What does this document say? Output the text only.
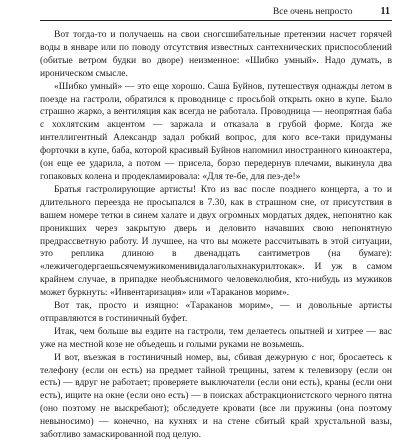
Все очень непросто	11

Вот тогда-то и получаешь на свои сногсшибательные претензии насчет горячей воды в январе или по поводу отсутствия известных сантехнических приспособлений (обитые ветром будки во дворе) неизменное: «Шибко умный». Надо думать, в ироническом смысле.

«Шибко умный» — это еще хорошо. Саша Буйнов, путешествуя однажды летом в поезде на гастроли, обратился к проводнице с просьбой открыть окно в купе. Было страшно жарко, а вентиляция как всегда не работала. Проводница — неопрятная баба с хохлятским акцентом — заржала и отказала в грубой форме. Когда же интеллигентный Александр задал робкий вопрос, для кого все-таки придуманы форточки в купе, баба, которой красивый Буйнов напомнил иностранного киноактера, (он еще ее ударила, а потом — присела, борзо передернув плечами, выкинула два гопаковых колена и продекламировала: «Для те-бе, для пез-де!»

Братья гастролирующие артисты! Кто из вас после позднего концерта, а то и длительного переезда не просыпался в 7.30, как в страшном сне, от присутствия в вашем номере тетки в синем халате и двух огромных мордатых дядек, непонятно как проникших через закрытую дверь и деловито начавших свою непонятную предрассветную работу. И лучшее, на что вы можете рассчитывать в этой ситуации, это реплика длиною в двенадцать сантиметров (на бумаге): «лежичегодергаешьсячемужикоменивидалаголыхнакурилтокак». И уж в самом крайнем случае, в припадке необъяснимого человеколюбия, кто-нибудь из мужиков может буркнуть: «Инвентаризация» или «Тараканов морим».

Вот так, просто и изящно: «Тараканов морим», — и довольные артисты отправляются в гостиничный буфет.

Итак, чем больше вы ездите на гастроли, тем делаетесь опытней и хитрее — вас уже на местной козе не объедешь и голыми руками не возьмешь.

И вот, въезжая в гостиничный номер, вы, сбивая дежурную с ног, бросаетесь к телефону (если он есть) на предмет тайной трещины, затем к телевизору (если он есть) — вдруг не работает; проверяете выключатели (если они есть), краны (если они есть), ищите на окне (если оно есть) — в поисках абстракционистского черного пятна (оно поэтому не выскребают); обследуете кровати (все ли пружины (она поэтому невыносимо) — конечно, на кухнях и на стене сбитый край хрустальной вазы, заботливо замаскированной под целую.
